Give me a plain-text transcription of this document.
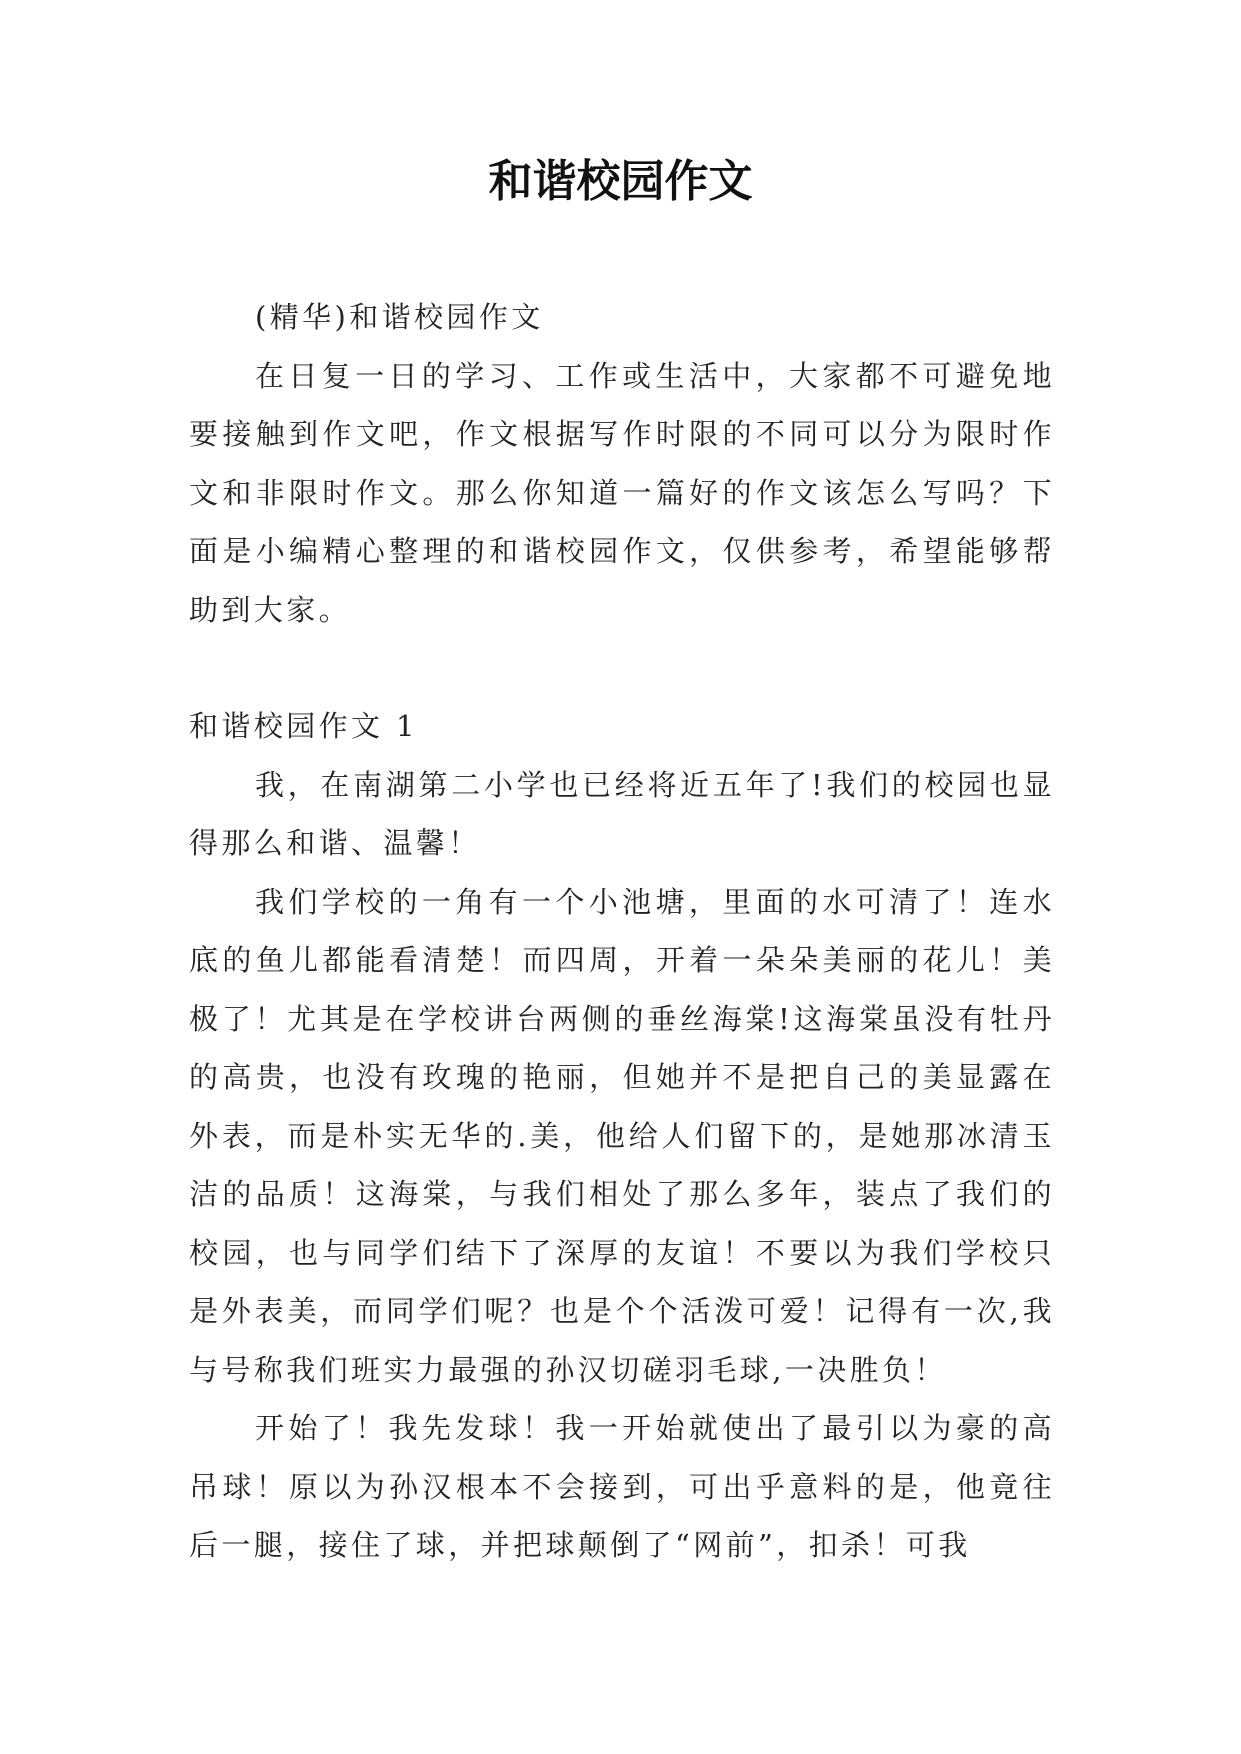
和谐校园作文

(精华)和谐校园作文

在日复一日的学习、工作或生活中，大家都不可避免地要接触到作文吧，作文根据写作时限的不同可以分为限时作文和非限时作文。那么你知道一篇好的作文该怎么写吗？下面是小编精心整理的和谐校园作文，仅供参考，希望能够帮助到大家。

和谐校园作文 1

我，在南湖第二小学也已经将近五年了!我们的校园也显得那么和谐、温馨！

我们学校的一角有一个小池塘，里面的水可清了！连水底的鱼儿都能看清楚！而四周，开着一朵朵美丽的花儿！美极了！尤其是在学校讲台两侧的垂丝海棠!这海棠虽没有牡丹的高贵，也没有玫瑰的艳丽，但她并不是把自己的美显露在外表，而是朴实无华的.美，他给人们留下的，是她那冰清玉洁的品质！这海棠，与我们相处了那么多年，装点了我们的校园，也与同学们结下了深厚的友谊！不要以为我们学校只是外表美，而同学们呢？也是个个活泼可爱！记得有一次,我与号称我们班实力最强的孙汉切磋羽毛球,一决胜负！

开始了！我先发球！我一开始就使出了最引以为豪的高吊球！原以为孙汉根本不会接到，可出乎意料的是，他竟往后一腿，接住了球，并把球颠倒了“网前”，扣杀！可我
